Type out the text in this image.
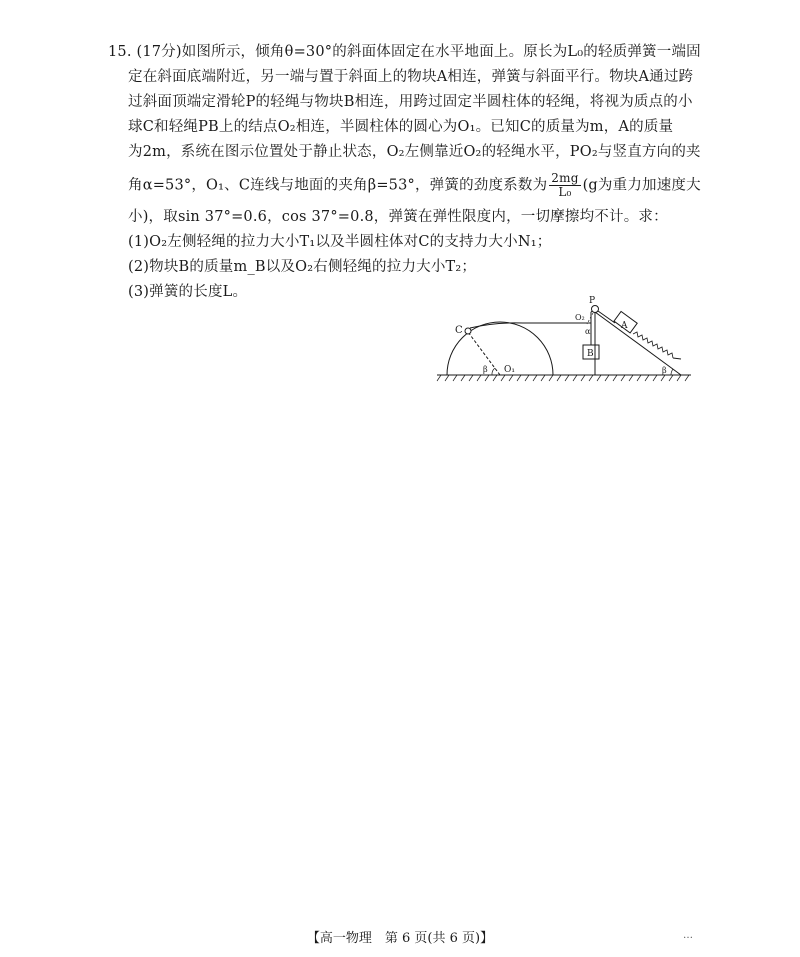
15. (17分)如图所示，倾角θ=30°的斜面体固定在水平地面上。原长为L₀的轻质弹簧一端固
定在斜面底端附近，另一端与置于斜面上的物块A相连，弹簧与斜面平行。物块A通过跨
过斜面顶端定滑轮P的轻绳与物块B相连，用跨过固定半圆柱体的轻绳，将视为质点的小
球C和轻绳PB上的结点O₂相连，半圆柱体的圆心为O₁。已知C的质量为m，A的质量
为2m，系统在图示位置处于静止状态，O₂左侧靠近O₂的轻绳水平，PO₂与竖直方向的夹
角α=53°，O₁、C连线与地面的夹角β=53°，弹簧的劲度系数为 $\frac{2mg}{\text{L₀}} (g$为重力加速度大
小)，取sin 37°=0.6，cos 37°=0.8，弹簧在弹性限度内，一切摩擦均不计。求：
(1)O₂左侧轻绳的拉力大小T₁以及半圆柱体对C的支持力大小N₁；
(2)物块B的质量m_B以及O₂右侧轻绳的拉力大小T₂；
(3)弹簧的长度L。
C
O₁
β
O₂
P
α
B
A
β
【高一物理　第 6 页(共 6 页)】	…
